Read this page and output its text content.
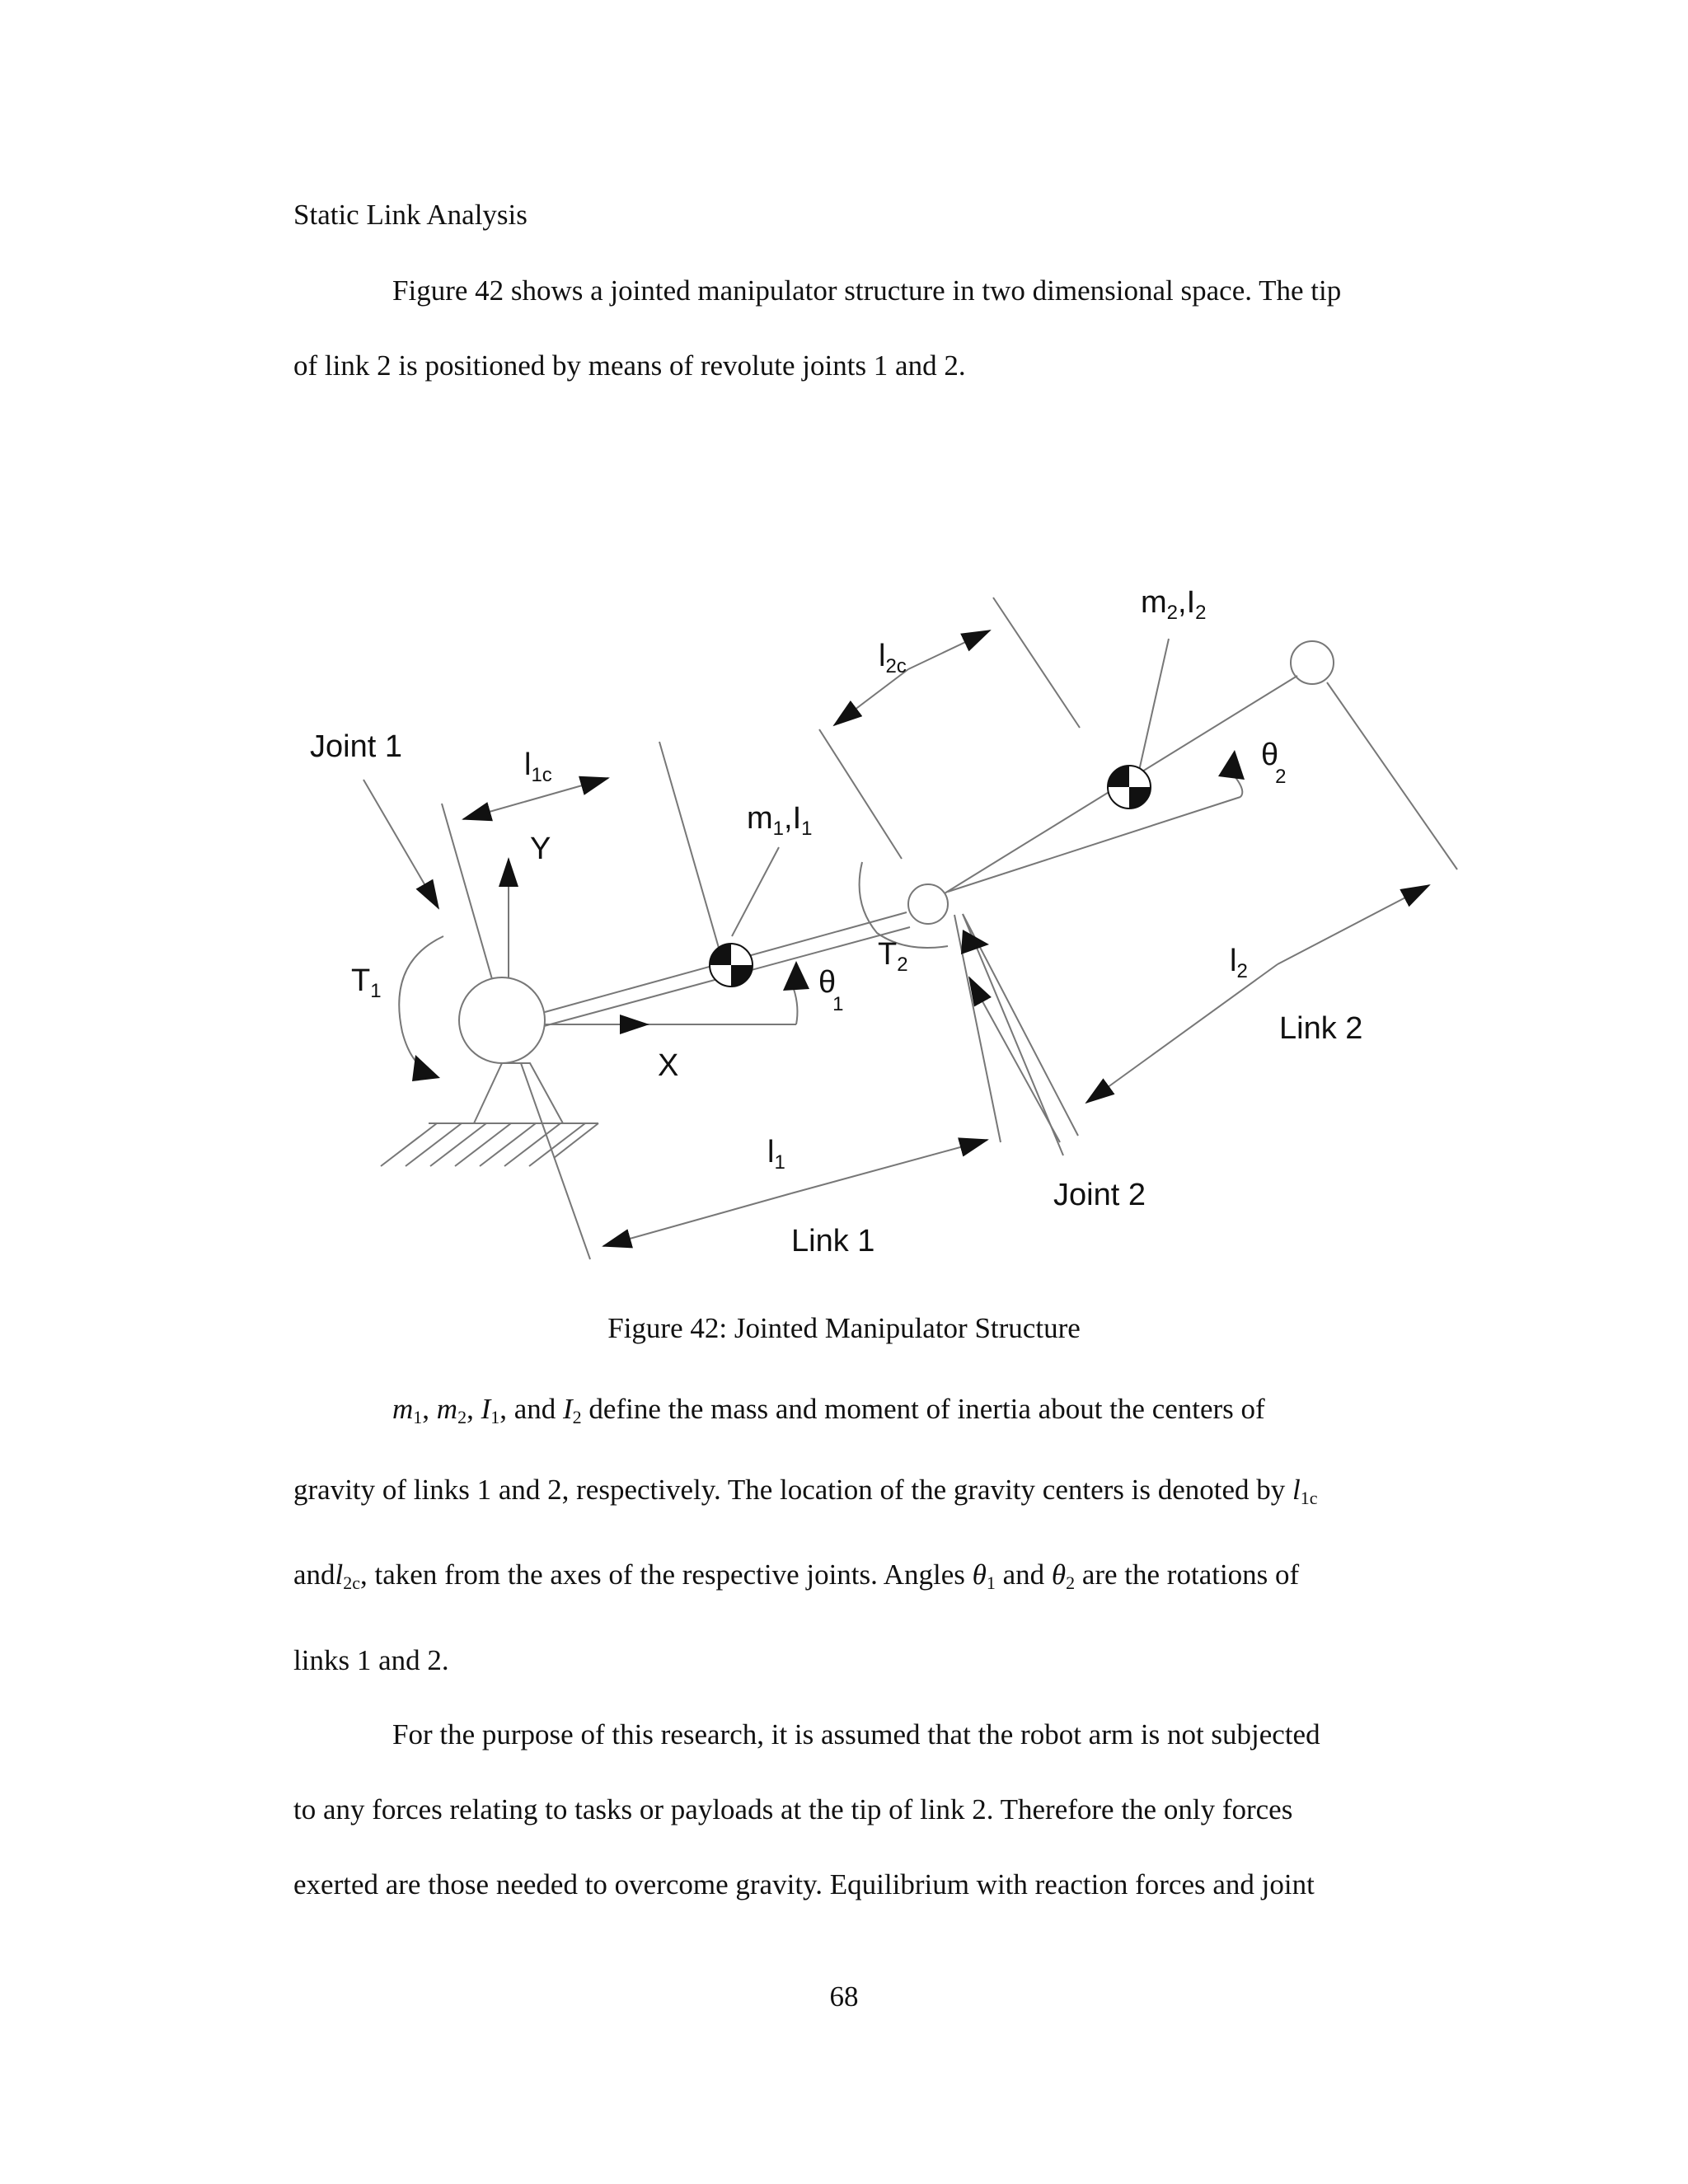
Static Link Analysis
Figure 42 shows a jointed manipulator structure in two dimensional space. The tip
of link 2 is positioned by means of revolute joints 1 and 2.
Joint 1
Joint 2
Link 1
Link 2
X
Y
l1c
l2c
l1
l2
m1,I1
m2,I2
T1
T2
θ 1
θ 2
Figure 42: Jointed Manipulator Structure
$m_1$, $m_2$, $I_1$, and $I_2$ define the mass and moment of inertia about the centers of
gravity of links 1 and 2, respectively. The location of the gravity centers is denoted by $l_{1c}$
andl$_{2c}$, taken from the axes of the respective joints. Angles $\theta_1$ and $\theta_2$ are the rotations of
links 1 and 2.
For the purpose of this research, it is assumed that the robot arm is not subjected
to any forces relating to tasks or payloads at the tip of link 2. Therefore the only forces
exerted are those needed to overcome gravity. Equilibrium with reaction forces and joint
68
